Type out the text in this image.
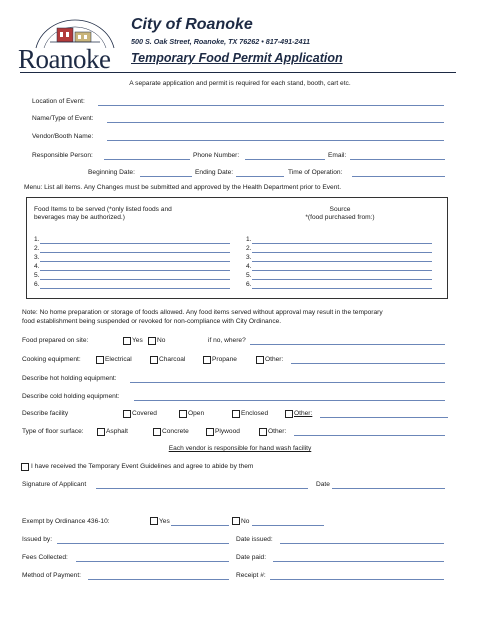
Roanoke
City of Roanoke
500 S. Oak Street, Roanoke, TX 76262 • 817-491-2411
Temporary Food Permit Application
A separate application and permit is required for each stand, booth, cart etc.
Location of Event:
Name/Type of Event:
Vendor/Booth Name:
Responsible Person:	Phone Number:	Email:
Beginning Date:	Ending Date:	Time of Operation:
Menu: List all items. Any Changes must be submitted and approved by the Health Department prior to Event.
Food Items to be served (*only listed foods and
beverages may be authorized.)
Source
*(food purchased from:)
1.	1.
2.	2.
3.	3.
4.	4.
5.	5.
6.	6.
Note: No home preparation or storage of foods allowed. Any food items served without approval may result in the temporary
food establishment being suspended or revoked for non-compliance with City Ordinance.
Food prepared on site:	Yes No	if no, where?
Cooking equipment:	Electrical	Charcoal	Propane	Other:
Describe hot holding equipment:
Describe cold holding equipment:
Describe facility	Covered	Open	Enclosed	Other:
Type of floor surface:	Asphalt	Concrete	Plywood	Other:
Each vendor is responsible for hand wash facility
I have received the Temporary Event Guidelines and agree to abide by them
Signature of Applicant	Date
Exempt by Ordinance 436-10:	Yes	No
Issued by:	Date issued:
Fees Collected:	Date paid:
Method of Payment:	Receipt #:
